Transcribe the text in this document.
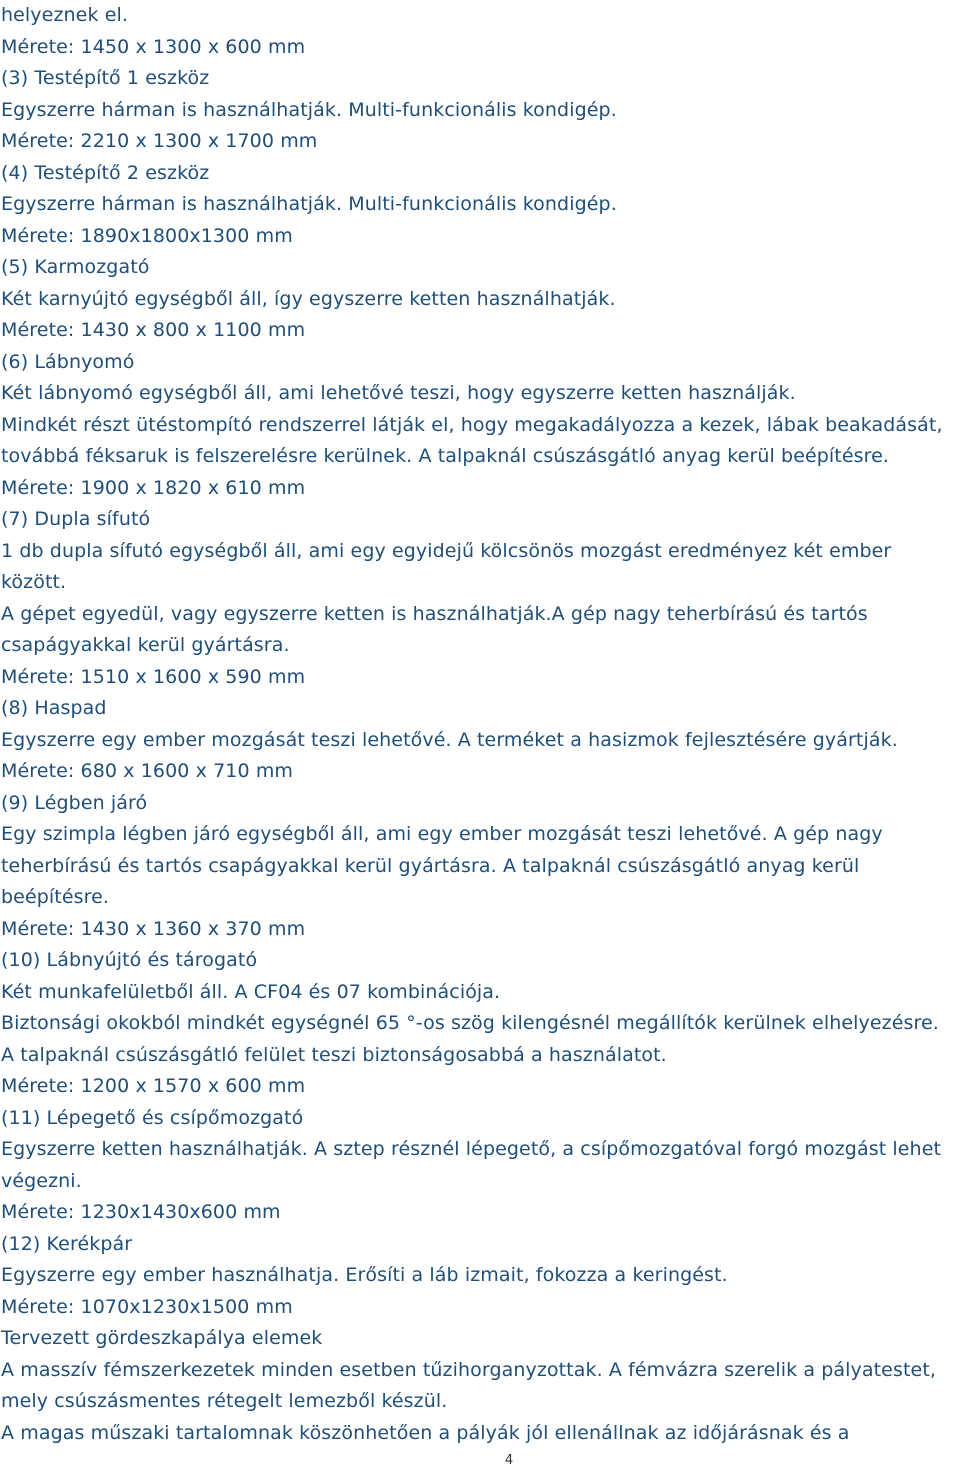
helyeznek el.
Mérete: 1450 x 1300 x 600 mm
(3) Testépítő 1 eszköz
Egyszerre hárman is használhatják. Multi-funkcionális kondigép.
Mérete: 2210 x 1300 x 1700 mm
(4) Testépítő 2 eszköz
Egyszerre hárman is használhatják. Multi-funkcionális kondigép.
Mérete: 1890x1800x1300 mm
(5) Karmozgató
Két karnyújtó egységből áll, így egyszerre ketten használhatják.
Mérete: 1430 x 800 x 1100 mm
(6) Lábnyomó
Két lábnyomó egységből áll, ami lehetővé teszi, hogy egyszerre ketten használják.
Mindkét részt ütéstompító rendszerrel látják el, hogy megakadályozza a kezek, lábak beakadását,
továbbá féksaruk is felszerelésre kerülnek. A talpaknál csúszásgátló anyag kerül beépítésre.
Mérete: 1900 x 1820 x 610 mm
(7) Dupla sífutó
1 db dupla sífutó egységből áll, ami egy egyidejű kölcsönös mozgást eredményez két ember
között.
A gépet egyedül, vagy egyszerre ketten is használhatják.A gép nagy teherbírású és tartós
csapágyakkal kerül gyártásra.
Mérete: 1510 x 1600 x 590 mm
(8) Haspad
Egyszerre egy ember mozgását teszi lehetővé. A terméket a hasizmok fejlesztésére gyártják.
Mérete: 680 x 1600 x 710 mm
(9) Légben járó
Egy szimpla légben járó egységből áll, ami egy ember mozgását teszi lehetővé. A gép nagy
teherbírású és tartós csapágyakkal kerül gyártásra. A talpaknál csúszásgátló anyag kerül
beépítésre.
Mérete: 1430 x 1360 x 370 mm
(10) Lábnyújtó és tárogató
Két munkafelületből áll. A CF04 és 07 kombinációja.
Biztonsági okokból mindkét egységnél 65 °-os szög kilengésnél megállítók kerülnek elhelyezésre.
A talpaknál csúszásgátló felület teszi biztonságosabbá a használatot.
Mérete: 1200 x 1570 x 600 mm
(11) Lépegető és csípőmozgató
Egyszerre ketten használhatják. A sztep résznél lépegető, a csípőmozgatóval forgó mozgást lehet
végezni.
Mérete: 1230x1430x600 mm
(12) Kerékpár
Egyszerre egy ember használhatja. Erősíti a láb izmait, fokozza a keringést.
Mérete: 1070x1230x1500 mm
Tervezett gördeszkapálya elemek
A masszív fémszerkezetek minden esetben tűzihorganyzottak. A fémvázra szerelik a pályatestet,
mely csúszásmentes rétegelt lemezből készül.
A magas műszaki tartalomnak köszönhetően a pályák jól ellenállnak az időjárásnak és a
4
